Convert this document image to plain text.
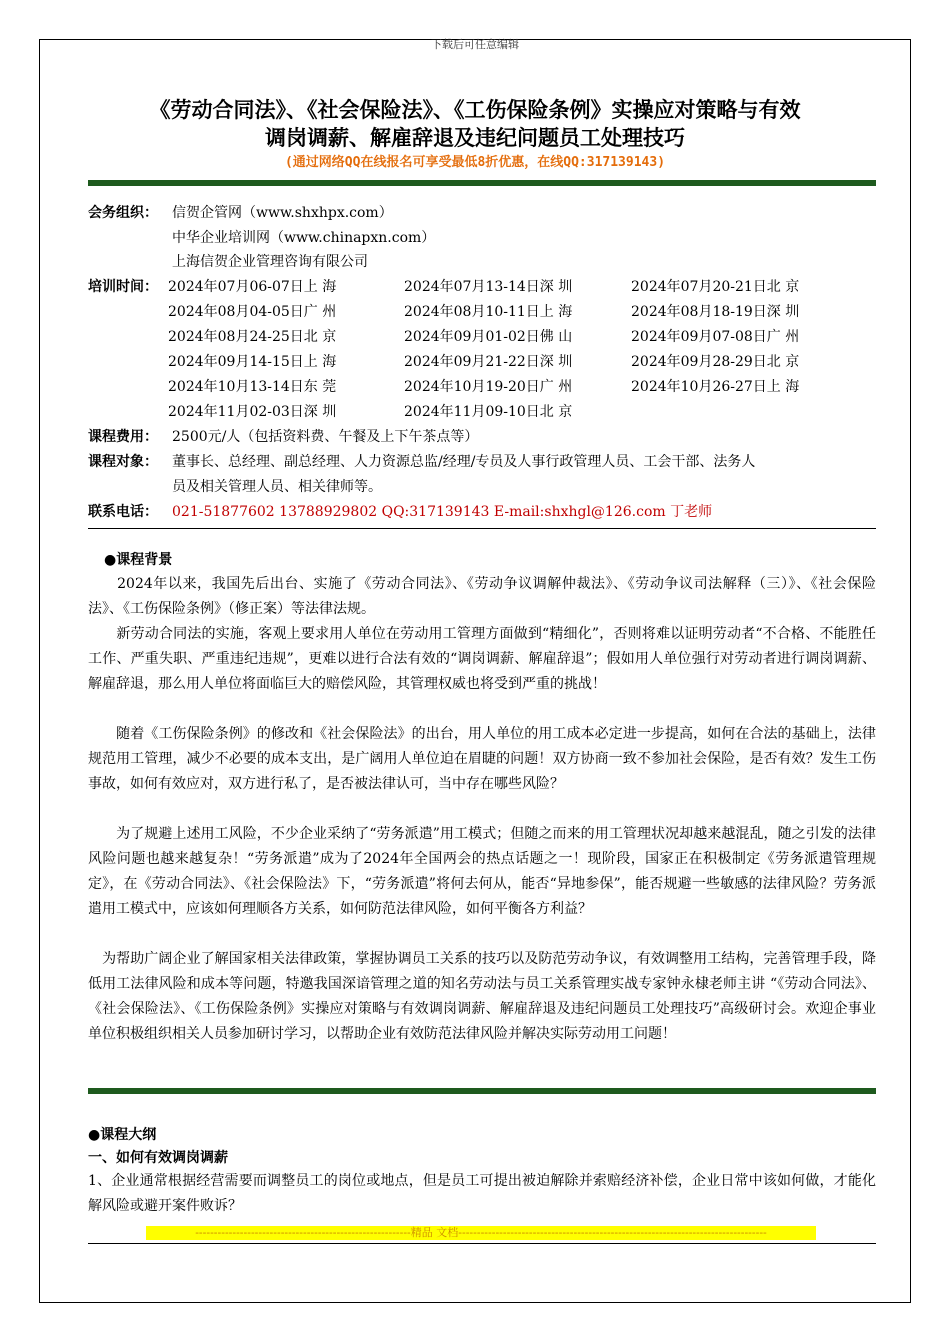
下载后可任意编辑
《劳动合同法》、《社会保险法》、《工伤保险条例》实操应对策略与有效
调岗调薪、解雇辞退及违纪问题员工处理技巧
(通过网络QQ在线报名可享受最低8折优惠，在线QQ:317139143)
会务组织： 信贺企管网（www.shxhpx.com）
中华企业培训网（www.chinapxn.com）
上海信贺企业管理咨询有限公司
培训时间： 2024年07月06-07日上 海	2024年07月13-14日深 圳	2024年07月20-21日北 京
2024年08月04-05日广 州	2024年08月10-11日上 海	2024年08月18-19日深 圳
2024年08月24-25日北 京	2024年09月01-02日佛 山	2024年09月07-08日广 州
2024年09月14-15日上 海	2024年09月21-22日深 圳	2024年09月28-29日北 京
2024年10月13-14日东 莞	2024年10月19-20日广 州	2024年10月26-27日上 海
2024年11月02-03日深 圳	2024年11月09-10日北 京
课程费用： 2500元/人（包括资料费、午餐及上下午茶点等）
课程对象： 董事长、总经理、副总经理、人力资源总监/经理/专员及人事行政管理人员、工会干部、法务人
员及相关管理人员、相关律师等。
联系电话： 021-51877602 13788929802 QQ:317139143 E-mail:shxhgl@126.com 丁老师
●课程背景
　　2024年以来，我国先后出台、实施了《劳动合同法》、《劳动争议调解仲裁法》、《劳动争议司法解释（三）》、《社会保险法》、《工伤保险条例》（修正案）等法律法规。
　　新劳动合同法的实施，客观上要求用人单位在劳动用工管理方面做到“精细化”，否则将难以证明劳动者“不合格、不能胜任工作、严重失职、严重违纪违规”，更难以进行合法有效的“调岗调薪、解雇辞退”；假如用人单位强行对劳动者进行调岗调薪、解雇辞退，那么用人单位将面临巨大的赔偿风险，其管理权威也将受到严重的挑战！
　　随着《工伤保险条例》的修改和《社会保险法》的出台，用人单位的用工成本必定进一步提高，如何在合法的基础上，法律规范用工管理，减少不必要的成本支出，是广阔用人单位迫在眉睫的问题！双方协商一致不参加社会保险，是否有效？发生工伤事故，如何有效应对，双方进行私了，是否被法律认可，当中存在哪些风险？
　　为了规避上述用工风险，不少企业采纳了“劳务派遣”用工模式；但随之而来的用工管理状况却越来越混乱，随之引发的法律风险问题也越来越复杂！“劳务派遣”成为了2024年全国两会的热点话题之一！现阶段，国家正在积极制定《劳务派遣管理规定》，在《劳动合同法》、《社会保险法》下，“劳务派遣”将何去何从，能否“异地参保”，能否规避一些敏感的法律风险？劳务派遣用工模式中，应该如何理顺各方关系，如何防范法律风险，如何平衡各方利益？
　为帮助广阔企业了解国家相关法律政策，掌握协调员工关系的技巧以及防范劳动争议，有效调整用工结构，完善管理手段，降低用工法律风险和成本等问题，特邀我国深谙管理之道的知名劳动法与员工关系管理实战专家钟永棣老师主讲 “《劳动合同法》、《社会保险法》、《工伤保险条例》实操应对策略与有效调岗调薪、解雇辞退及违纪问题员工处理技巧”高级研讨会。欢迎企事业单位积极组织相关人员参加研讨学习，以帮助企业有效防范法律风险并解决实际劳动用工问题！
●课程大纲
一、如何有效调岗调薪
1、企业通常根据经营需要而调整员工的岗位或地点，但是员工可提出被迫解除并索赔经济补偿，企业日常中该如何做，才能化解风险或避开案件败诉？
----------------------------------------------------------精品 文档-----------------------------------------------------------------------------------
